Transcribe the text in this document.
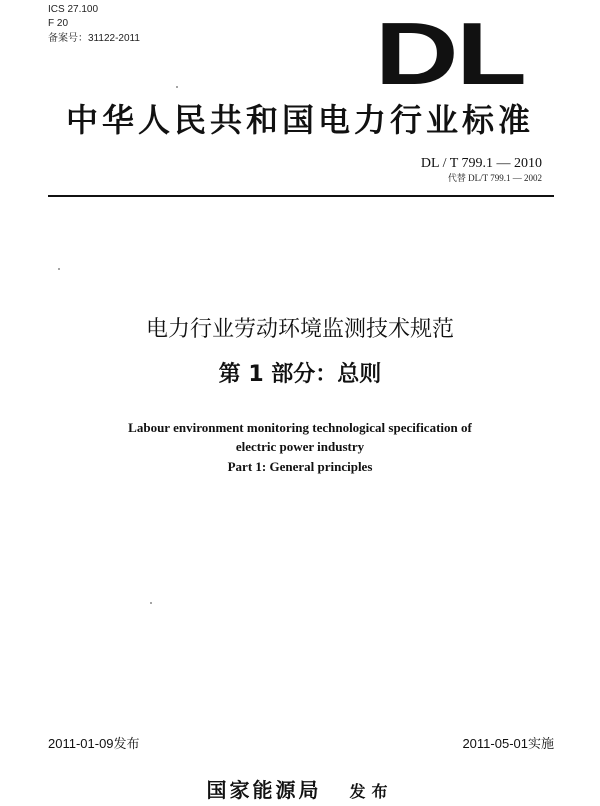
ICS 27.100
F 20
备案号：31122-2011	DL
中华人民共和国电力行业标准
DL / T 799.1 — 2010
代替 DL/T 799.1 — 2002
电力行业劳动环境监测技术规范
第 1 部分：总则
Labour environment monitoring technological specification of
electric power industry
Part 1: General principles
2011-01-09发布	2011-05-01实施
国家能源局 发布
